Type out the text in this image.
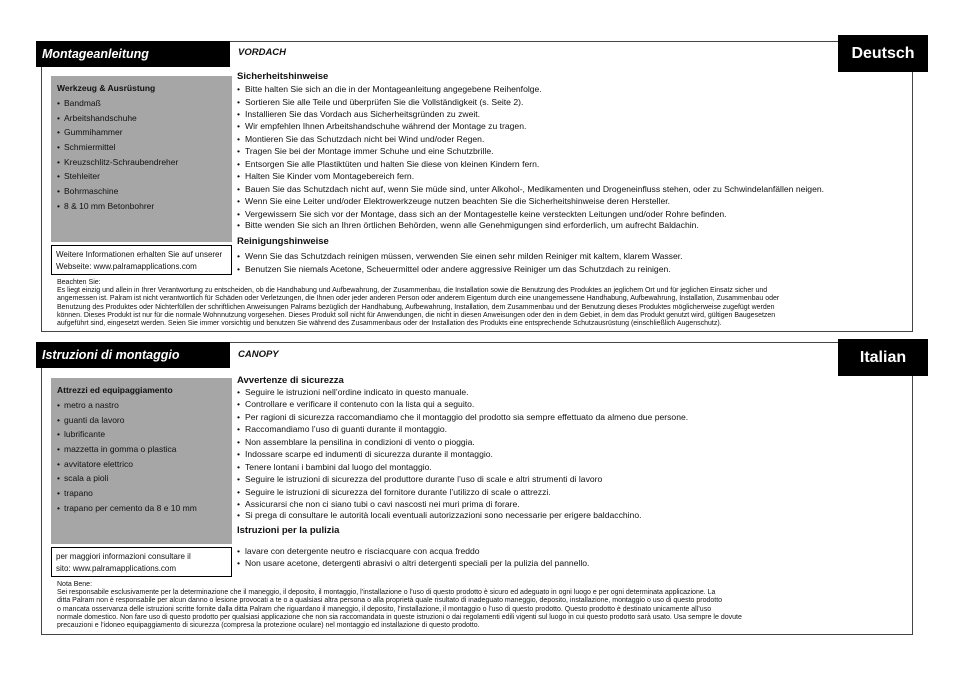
Montageanleitung	Deutsch
VORDACH
Werkzeug & Ausrüstung
• Bandmaß
• Arbeitshandschuhe
• Gummihammer
• Schmiermittel
• Kreuzschlitz-Schraubendreher
• Stehleiter
• Bohrmaschine
• 8 & 10 mm Betonbohrer
Weitere Informationen erhalten Sie auf unserer
Webseite: www.palramapplications.com
Sicherheitshinweise
• Bitte halten Sie sich an die in der Montageanleitung angegebene Reihenfolge.
• Sortieren Sie alle Teile und überprüfen Sie die Vollständigkeit (s. Seite 2).
• Installieren Sie das Vordach aus Sicherheitsgründen zu zweit.
• Wir empfehlen Ihnen Arbeitshandschuhe während der Montage zu tragen.
• Montieren Sie das Schutzdach nicht bei Wind und/oder Regen.
• Tragen Sie bei der Montage immer Schuhe und eine Schutzbrille.
• Entsorgen Sie alle Plastiktüten und halten Sie diese von kleinen Kindern fern.
• Halten Sie Kinder vom Montagebereich fern.
• Bauen Sie das Schutzdach nicht auf, wenn Sie müde sind, unter Alkohol-, Medikamenten und Drogeneinfluss stehen, oder zu Schwindelanfällen neigen.
• Wenn Sie eine Leiter und/oder Elektrowerkzeuge nutzen beachten Sie die Sicherheitshinweise deren Hersteller.
• Vergewissern Sie sich vor der Montage, dass sich an der Montagestelle keine versteckten Leitungen und/oder Rohre befinden.
• Bitte wenden Sie sich an Ihren örtlichen Behörden, wenn alle Genehmigungen sind erforderlich, um aufrecht Baldachin.
Reinigungshinweise
• Wenn Sie das Schutzdach reinigen müssen, verwenden Sie einen sehr milden Reiniger mit kaltem, klarem Wasser.
• Benutzen Sie niemals Acetone, Scheuermittel oder andere aggressive Reiniger um das Schutzdach zu reinigen.
Beachten Sie:
Es liegt einzig und allein in Ihrer Verantwortung zu entscheiden, ob die Handhabung und Aufbewahrung, der Zusammenbau, die Installation sowie die Benutzung des Produktes an jeglichem Ort und für jeglichen Einsatz sicher und
angemessen ist. Palram ist nicht verantwortlich für Schäden oder Verletzungen, die Ihnen oder jeder anderen Person oder anderem Eigentum durch eine unangemessene Handhabung, Aufbewahrung, Installation, Zusammenbau oder
Benutzung des Produktes oder Nichterfüllen der schriftlichen Anweisungen Palrams bezüglich der Handhabung, Aufbewahrung, Installation, dem Zusammenbau und der Benutzung dieses Produktes möglicherweise zugefügt werden
können. Dieses Produkt ist nur für die normale Wohnnutzung vorgesehen. Dieses Produkt soll nicht für Anwendungen, die nicht in diesen Anweisungen oder den in dem Gebiet, in dem das Produkt genutzt wird, gültigen Baugesetzen
aufgeführt sind, eingesetzt werden. Seien Sie immer vorsichtig und benutzen Sie während des Zusammenbaus oder der Installation des Produkts eine entsprechende Schutzausrüstung (einschließlich Augenschutz).
Istruzioni di montaggio	Italian
CANOPY
Attrezzi ed equipaggiamento
• metro a nastro
• guanti da lavoro
• lubrificante
• mazzetta in gomma o plastica
• avvitatore elettrico
• scala a pioli
• trapano
• trapano per cemento da 8 e 10 mm
per maggiori informazioni consultare il
sito: www.palramapplications.com
Avvertenze di sicurezza
• Seguire le istruzioni nell’ordine indicato in questo manuale.
• Controllare e verificare il contenuto con la lista qui a seguito.
• Per ragioni di sicurezza raccomandiamo che il montaggio del prodotto sia sempre effettuato da almeno due persone.
• Raccomandiamo l’uso di guanti durante il montaggio.
• Non assemblare la pensilina in condizioni di vento o pioggia.
• Indossare scarpe ed indumenti di sicurezza durante il montaggio.
• Tenere lontani i bambini dal luogo del montaggio.
• Seguire le istruzioni di sicurezza del produttore durante l’uso di scale e altri strumenti di lavoro
• Seguire le istruzioni di sicurezza del fornitore durante l’utilizzo di scale o attrezzi.
• Assicurarsi che non ci siano tubi o cavi nascosti nei muri prima di forare.
• Si prega di consultare le autorità locali eventuali autorizzazioni sono necessarie per erigere baldacchino.
Istruzioni per la pulizia
• lavare con detergente neutro e risciacquare con acqua freddo
• Non usare acetone, detergenti abrasivi o altri detergenti speciali per la pulizia del pannello.
Nota Bene:
Sei responsabile esclusivamente per la determinazione che il maneggio, il deposito, il montaggio, l’installazione o l’uso di questo prodotto è sicuro ed adeguato in ogni luogo e per ogni determinata applicazione. La
ditta Palram non è responsabile per alcun danno o lesione provocati a te o a qualsiasi altra persona o alla proprietà quale risultato di inadeguato maneggio, deposito, installazione, montaggio o uso di questo prodotto
o mancata osservanza delle istruzioni scritte fornite dalla ditta Palram che riguardano il maneggio, il deposito, l’installazione, il montaggio o l’uso di questo prodotto. Questo prodotto è destinato unicamente all’uso
normale domestico. Non fare uso di questo prodotto per qualsiasi applicazione che non sia raccomandata in queste istruzioni o dai regolamenti edili vigenti sul luogo in cui questo prodotto sarà usato. Usa sempre le dovute
precauzioni e l’idoneo equipaggiamento di sicurezza (compresa la protezione oculare) nel montaggio ed installazione di questo prodotto.
